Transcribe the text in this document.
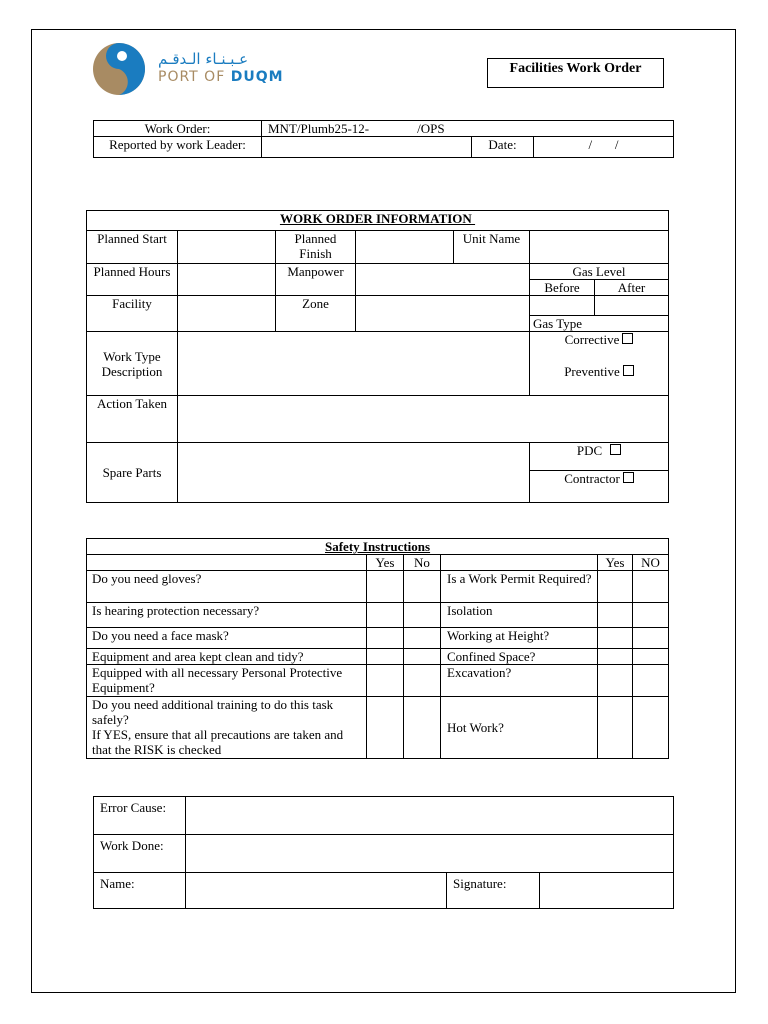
عـبـنـاء الـدقـم
PORT OF DUQM
Facilities Work Order
Work Order:	MNT/Plumb25-12- /OPS		
Reported by work Leader:		Date:	/       /
WORK ORDER INFORMATION						
Planned Start		Planned Finish		Unit Name		
Planned Hours		Manpower			Gas Level	
					Before	After
Facility		Zone				
					Gas Type	
Work Type Description					Corrective	
					Preventive	
Action Taken						
Spare Parts					PDC	
					Contractor	
Safety Instructions					
	Yes	No		Yes	NO
Do you need gloves?			Is a Work Permit Required?		
Is hearing protection necessary?			Isolation		
Do you need a face mask?			Working at Height?		
Equipment and area kept clean and tidy?			Confined Space?		
Equipped with all necessary Personal Protective Equipment?			Excavation?		
Do you need additional training to do this task safely?
If YES, ensure that all precautions are taken and that the RISK is checked			Hot Work?		
Error Cause:			
Work Done:			
Name:		Signature:	
